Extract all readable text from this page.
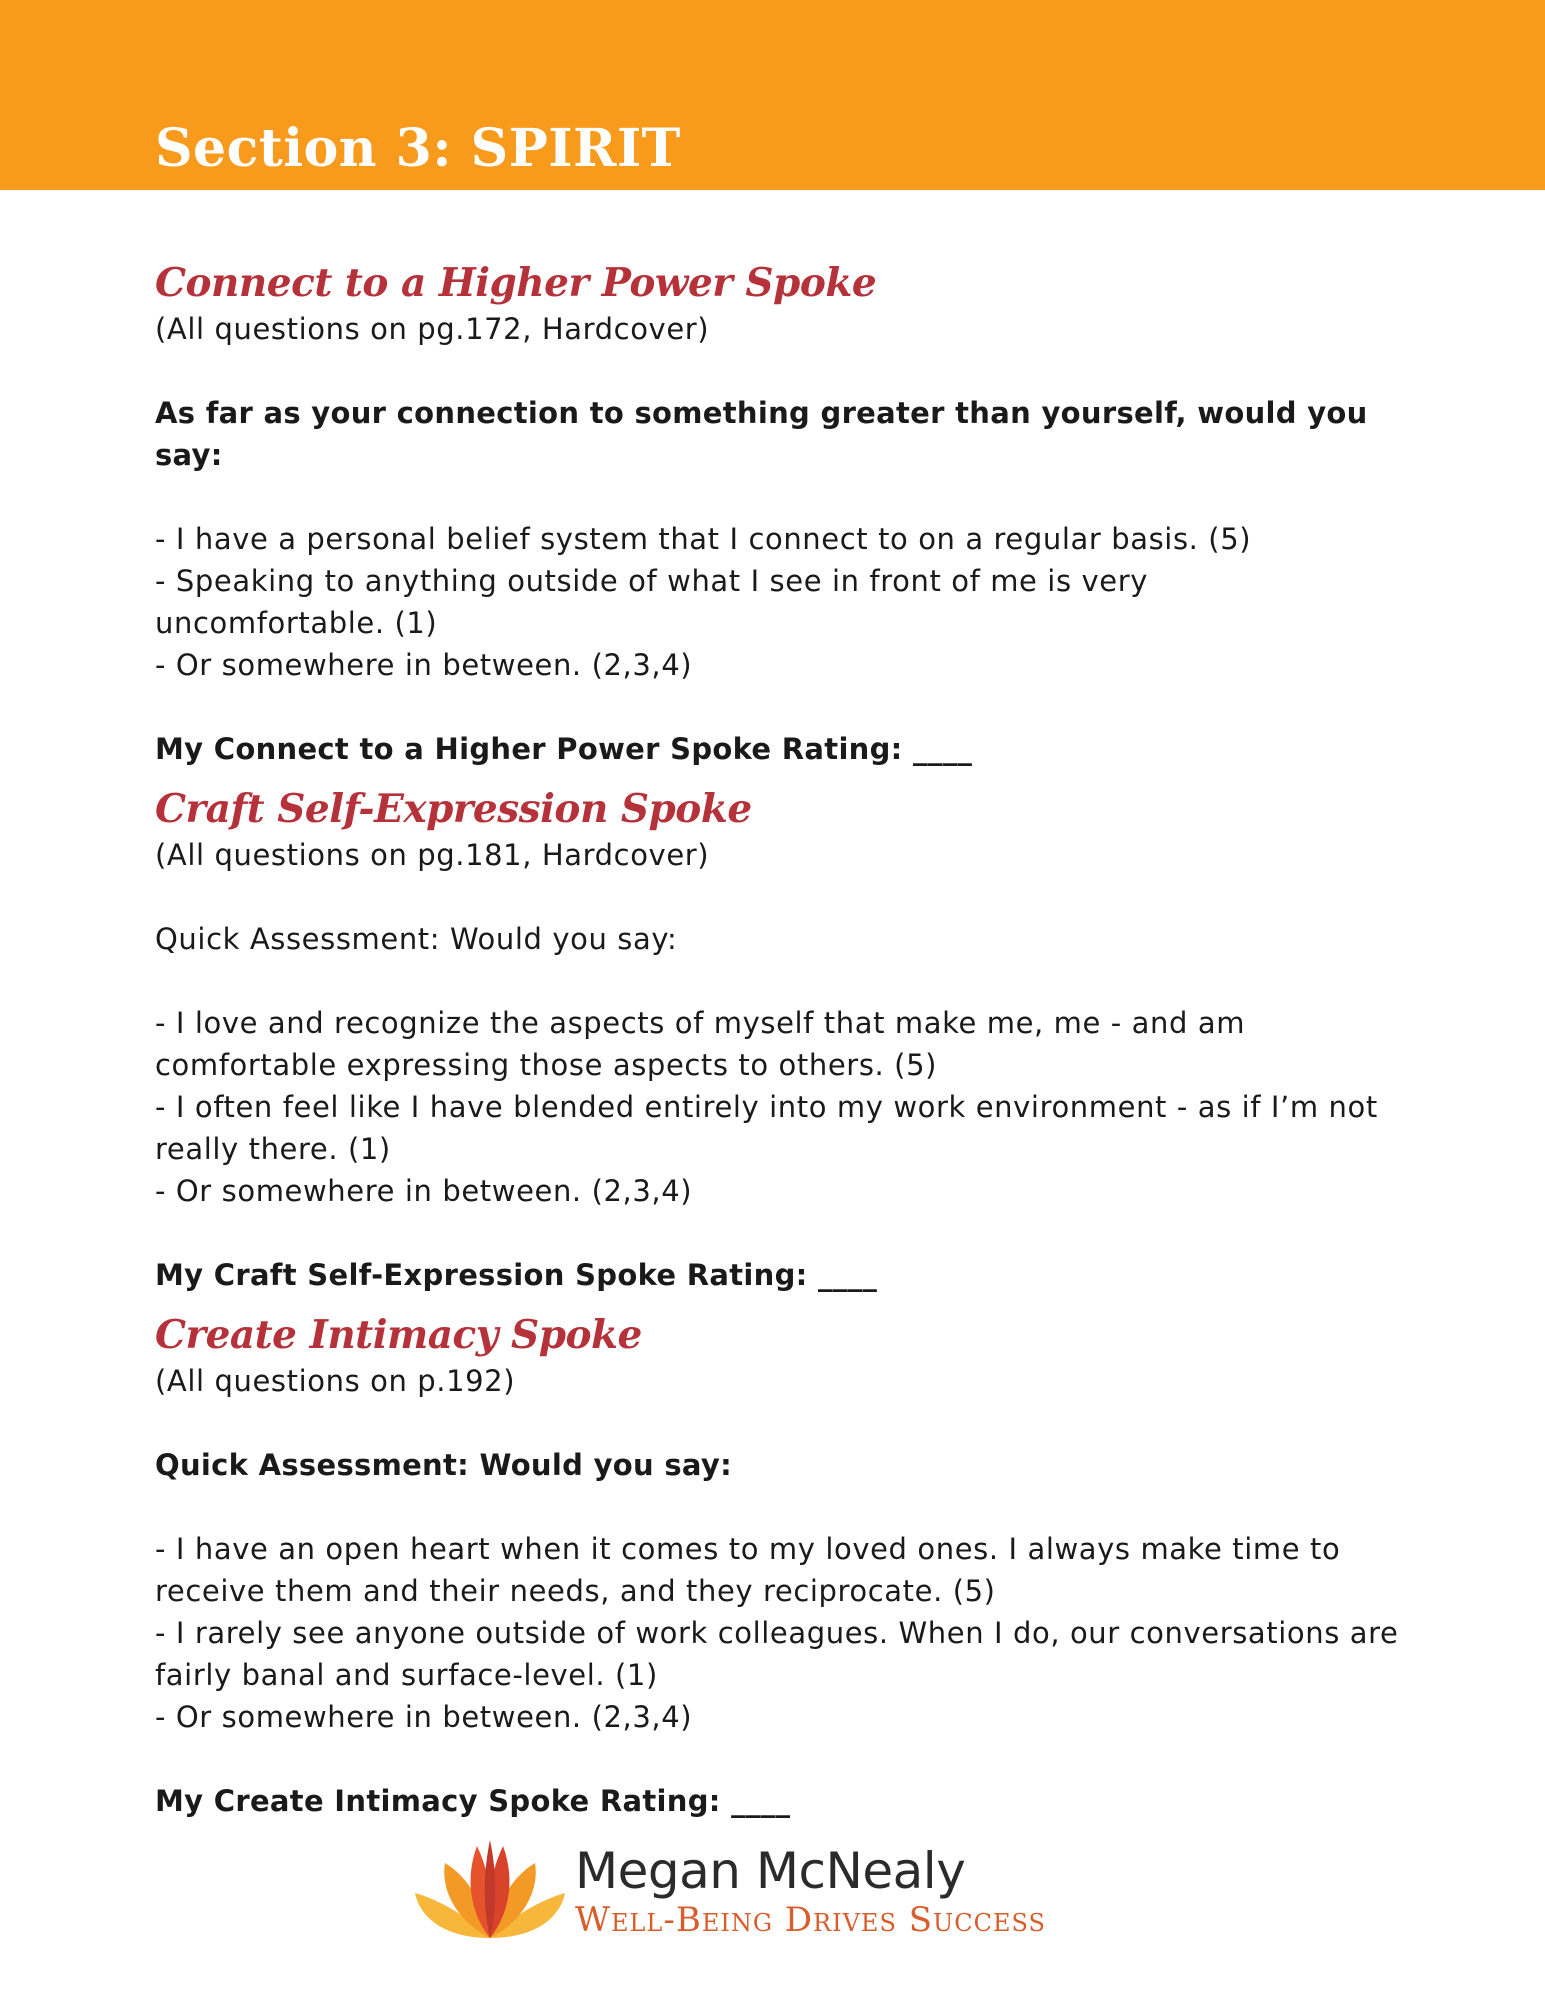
Section 3: SPIRIT
Connect to a Higher Power Spoke

(All questions on pg.172, Hardcover)

As far as your connection to something greater than yourself, would you say:

- I have a personal belief system that I connect to on a regular basis. (5)

- Speaking to anything outside of what I see in front of me is very

uncomfortable. (1)

- Or somewhere in between. (2,3,4)

My Connect to a Higher Power Spoke Rating: ____

Craft Self-Expression Spoke

(All questions on pg.181, Hardcover)

Quick Assessment: Would you say:

- I love and recognize the aspects of myself that make me, me - and am

comfortable expressing those aspects to others. (5)

- I often feel like I have blended entirely into my work environment - as if I’m not

really there. (1)

- Or somewhere in between. (2,3,4)

My Craft Self-Expression Spoke Rating: ____

Create Intimacy Spoke

(All questions on p.192)

Quick Assessment: Would you say:

- I have an open heart when it comes to my loved ones. I always make time to

receive them and their needs, and they reciprocate. (5)

- I rarely see anyone outside of work colleagues. When I do, our conversations are

fairly banal and surface-level. (1)

- Or somewhere in between. (2,3,4)

My Create Intimacy Spoke Rating: ____

Megan McNealy
Well-Being Drives Success
